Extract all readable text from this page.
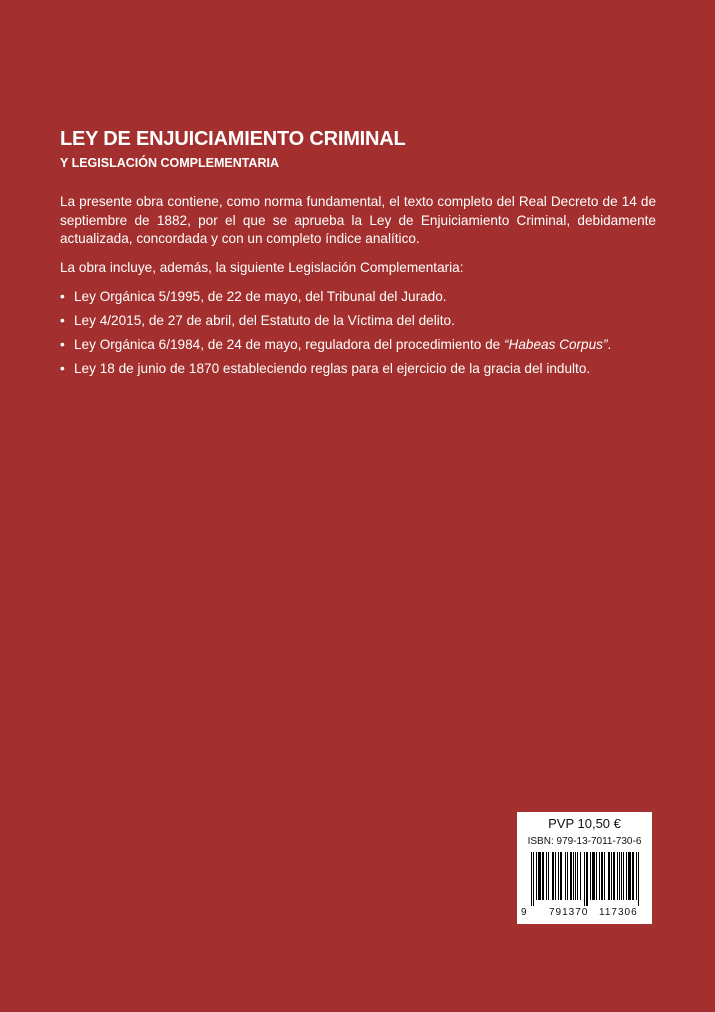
LEY DE ENJUICIAMIENTO CRIMINAL
Y LEGISLACIÓN COMPLEMENTARIA

La presente obra contiene, como norma fundamental, el texto completo del Real Decreto de 14 de septiembre de 1882, por el que se aprueba la Ley de Enjuiciamiento Criminal, debidamente actualizada, concordada y con un completo índice analítico.

La obra incluye, además, la siguiente Legislación Complementaria:

• Ley Orgánica 5/1995, de 22 de mayo, del Tribunal del Jurado.
• Ley 4/2015, de 27 de abril, del Estatuto de la Víctima del delito.
• Ley Orgánica 6/1984, de 24 de mayo, reguladora del procedimiento de “Habeas Corpus”.
• Ley 18 de junio de 1870 estableciendo reglas para el ejercicio de la gracia del indulto.
PVP 10,50 €
ISBN: 979-13-7011-730-6
9 791370 117306
